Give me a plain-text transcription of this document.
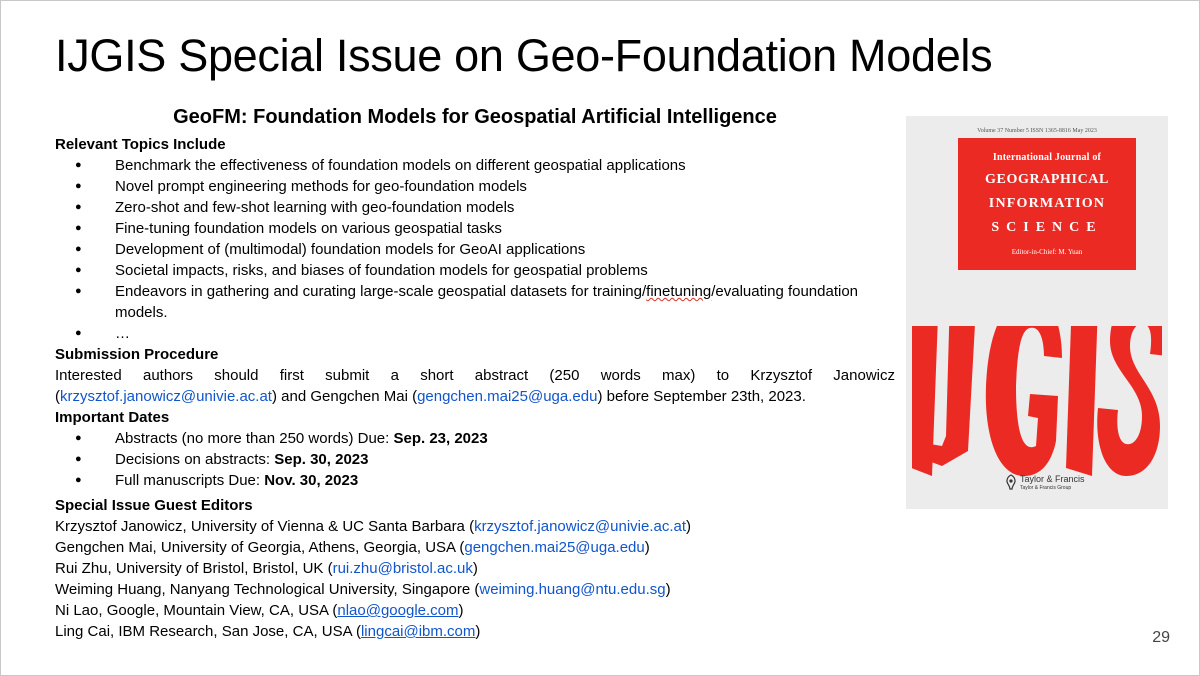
IJGIS Special Issue on Geo-Foundation Models
GeoFM: Foundation Models for Geospatial Artificial Intelligence
Relevant Topics Include
● Benchmark the effectiveness of foundation models on different geospatial applications
● Novel prompt engineering methods for geo-foundation models
● Zero-shot and few-shot learning with geo-foundation models
● Fine-tuning foundation models on various geospatial tasks
● Development of (multimodal) foundation models for GeoAI applications
● Societal impacts, risks, and biases of foundation models for geospatial problems
● Endeavors in gathering and curating large-scale geospatial datasets for training/finetuning/evaluating foundation models.
● …
Submission Procedure
Interested authors should first submit a short abstract (250 words max) to Krzysztof Janowicz (krzysztof.janowicz@univie.ac.at) and Gengchen Mai (gengchen.mai25@uga.edu) before September 23th, 2023.
Important Dates
● Abstracts (no more than 250 words) Due: Sep. 23, 2023
● Decisions on abstracts: Sep. 30, 2023
● Full manuscripts Due: Nov. 30, 2023
Special Issue Guest Editors
Krzysztof Janowicz, University of Vienna & UC Santa Barbara (krzysztof.janowicz@univie.ac.at)
Gengchen Mai, University of Georgia, Athens, Georgia, USA (gengchen.mai25@uga.edu)
Rui Zhu, University of Bristol, Bristol, UK (rui.zhu@bristol.ac.uk)
Weiming Huang, Nanyang Technological University, Singapore (weiming.huang@ntu.edu.sg)
Ni Lao, Google, Mountain View, CA, USA (nlao@google.com)
Ling Cai, IBM Research, San Jose, CA, USA (lingcai@ibm.com)
Volume 37 Number 5 ISSN 1365-8816 May 2023
International Journal of
GEOGRAPHICAL
INFORMATION
SCIENCE
Editor-in-Chief: M. Yuan
Taylor & Francis
Taylor & Francis Group
29
